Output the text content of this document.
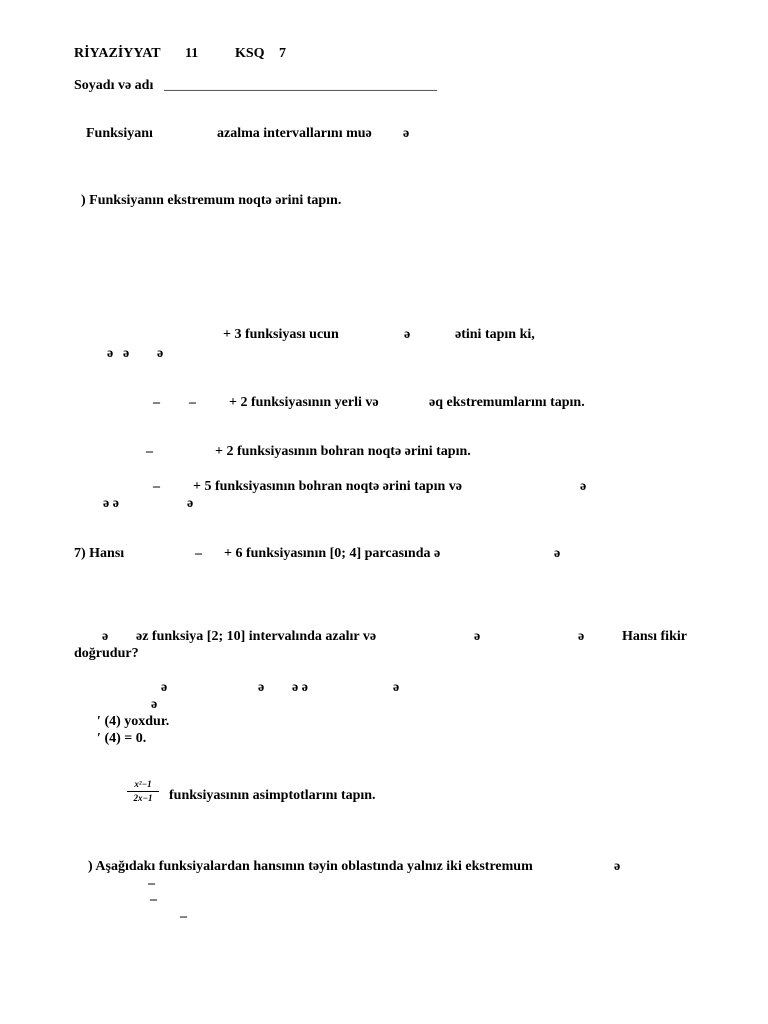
RİYAZİYYAT 11	KSQ 7
Soyadı və adı _______________________________________
Funksiyanı	azalma intervallarını muə ə
) Funksiyanın ekstremum noqtə ərini tapın.
+ 3 funksiyası ucun	ə	ətini tapın ki,
ə ə ə
– – + 2 funksiyasının yerli və	əq ekstremumlarını tapın.
–	+ 2 funksiyasının bohran noqtə ərini tapın.
– + 5 funksiyasının bohran noqtə ərini tapın və	ə
ə ə	ə
7) Hansı	– + 6 funksiyasının [0; 4] parcasında ə	ə
ə əz funksiya [2; 10] intervalında azalır və	ə	ə	Hansı fikir
doğrudur?
ə	ə ə ə	ə
ə
′ (4) yoxdur.
′ (4) = 0.
x²−1
2x−1	funksiyasının asimptotlarını tapın.
) Aşağıdakı funksiyalardan hansının təyin oblastında yalnız iki ekstremum	ə
–
–
–
